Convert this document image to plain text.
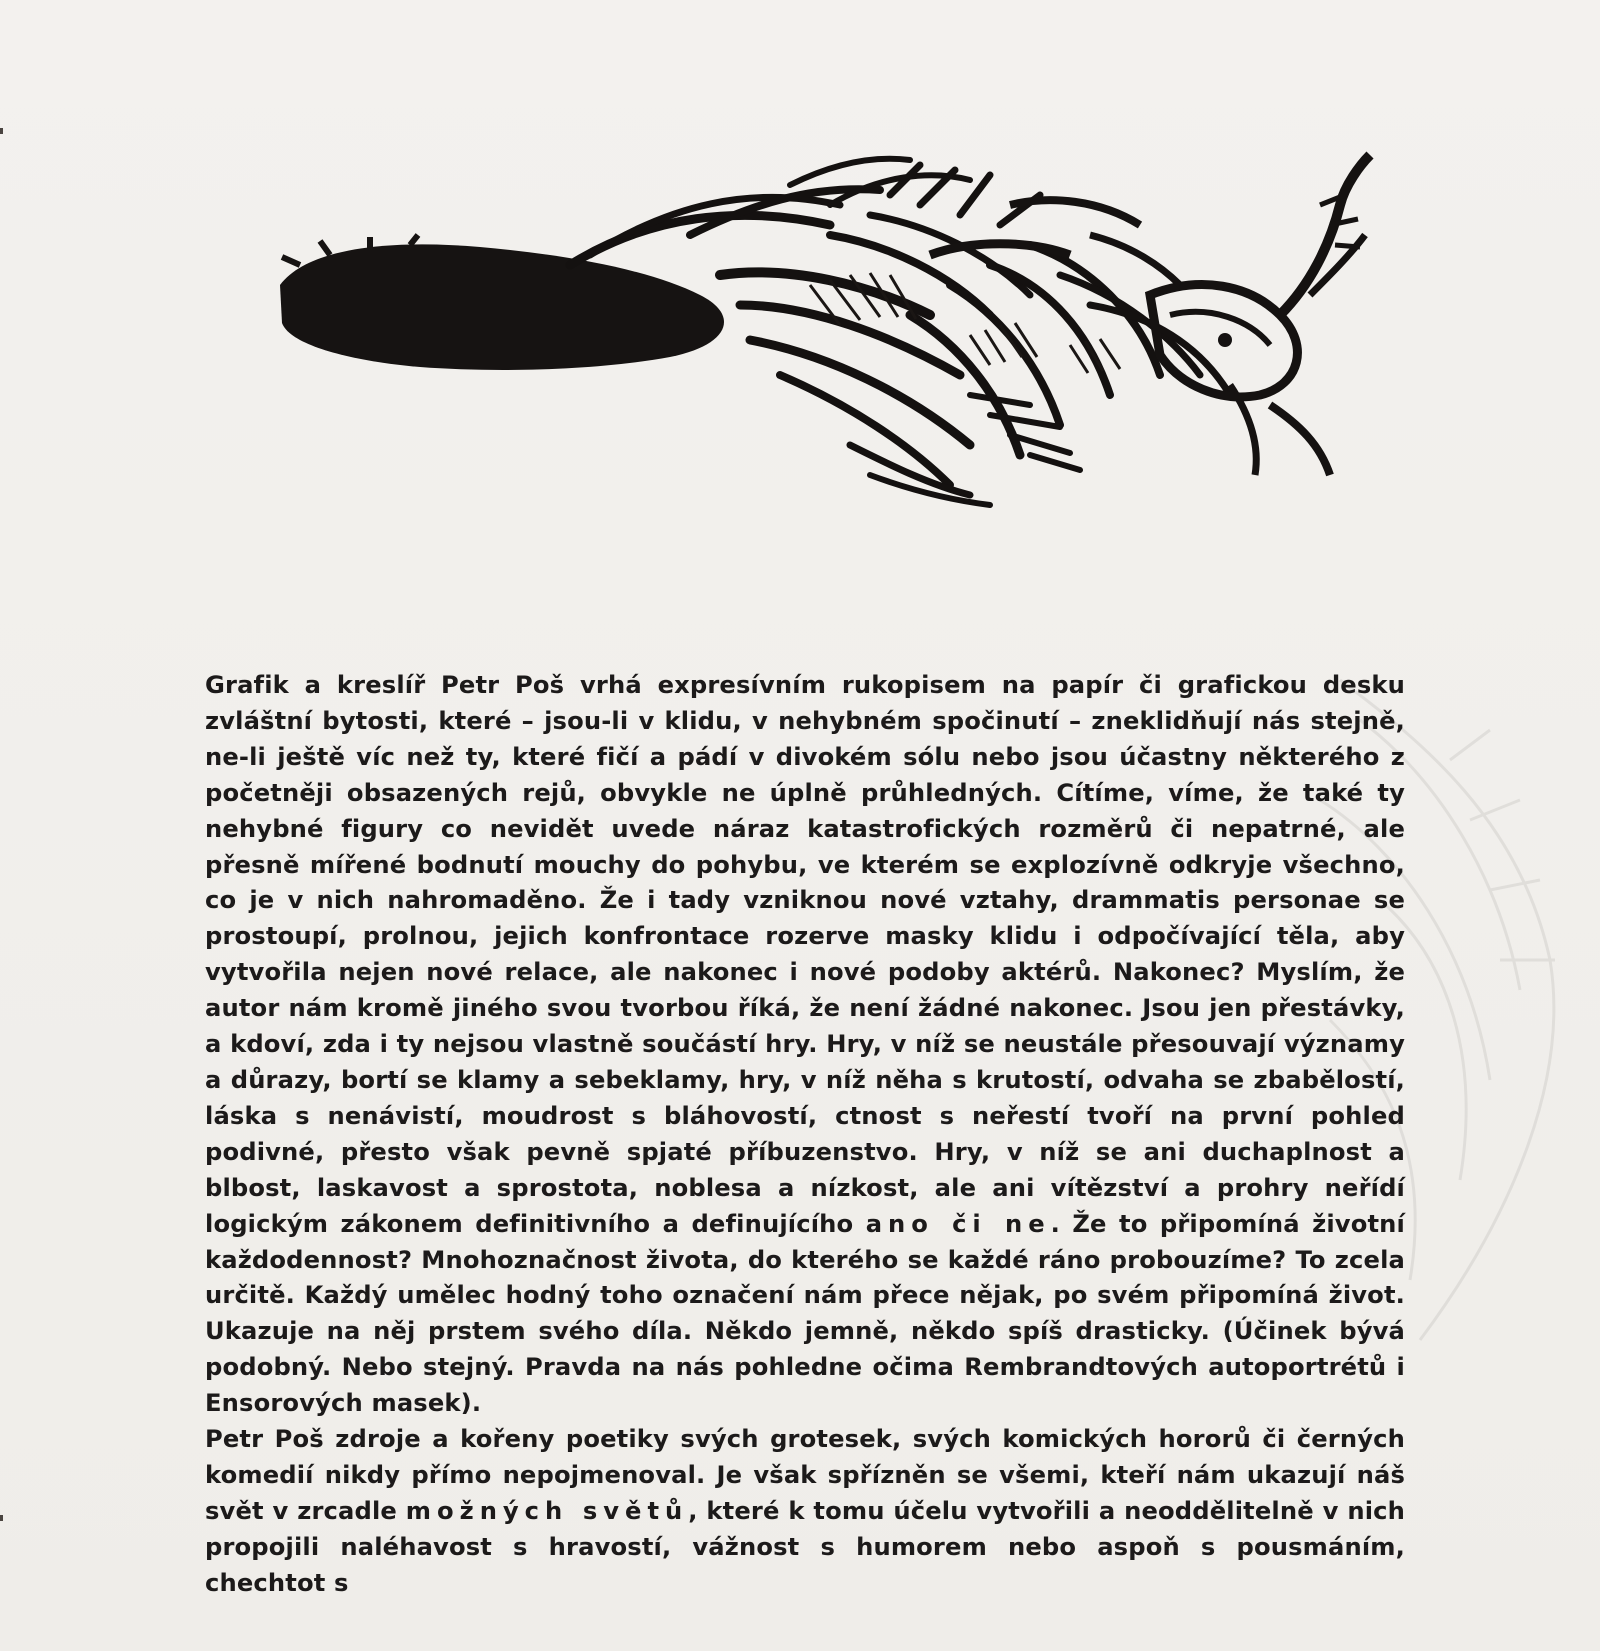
Grafik a kreslíř Petr Poš vrhá expresívním rukopisem na papír či grafickou desku zvláštní bytosti, které – jsou-li v klidu, v nehybném spočinutí – zneklidňují nás stejně, ne-li ještě víc než ty, které fičí a pádí v divokém sólu nebo jsou účastny některého z početněji obsazených rejů, obvykle ne úplně průhledných. Cítíme, víme, že také ty nehybné figury co nevidět uvede náraz katastrofických rozměrů či nepatrné, ale přesně mířené bodnutí mouchy do pohybu, ve kterém se explozívně odkryje všechno, co je v nich nahromaděno. Že i tady vzniknou nové vztahy, drammatis personae se prostoupí, prolnou, jejich konfrontace rozerve masky klidu i odpočívající těla, aby vytvořila nejen nové relace, ale nakonec i nové podoby aktérů. Nakonec? Myslím, že autor nám kromě jiného svou tvorbou říká, že není žádné nakonec. Jsou jen přestávky, a kdoví, zda i ty nejsou vlastně součástí hry. Hry, v níž se neustále přesouvají významy a důrazy, bortí se klamy a sebeklamy, hry, v níž něha s krutostí, odvaha se zbabělostí, láska s nenávistí, moudrost s bláhovostí, ctnost s neřestí tvoří na první pohled podivné, přesto však pevně spjaté příbuzenstvo. Hry, v níž se ani duchaplnost a blbost, laskavost a sprostota, noblesa a nízkost, ale ani vítězství a prohry neřídí logickým zákonem definitivního a definujícího ano či ne. Že to připomíná životní každodennost? Mnohoznačnost života, do kterého se každé ráno probouzíme? To zcela určitě. Každý umělec hodný toho označení nám přece nějak, po svém připomíná život. Ukazuje na něj prstem svého díla. Někdo jemně, někdo spíš drasticky. (Účinek bývá podobný. Nebo stejný. Pravda na nás pohledne očima Rembrandtových autoportrétů i Ensorových masek).

Petr Poš zdroje a kořeny poetiky svých grotesek, svých komických hororů či černých komedií nikdy přímo nepojmenoval. Je však spřízněn se všemi, kteří nám ukazují náš svět v zrcadle možných světů, které k tomu účelu vytvořili a neoddělitelně v nich propojili naléhavost s hravostí, vážnost s humorem nebo aspoň s pousmáním, chechtot s
